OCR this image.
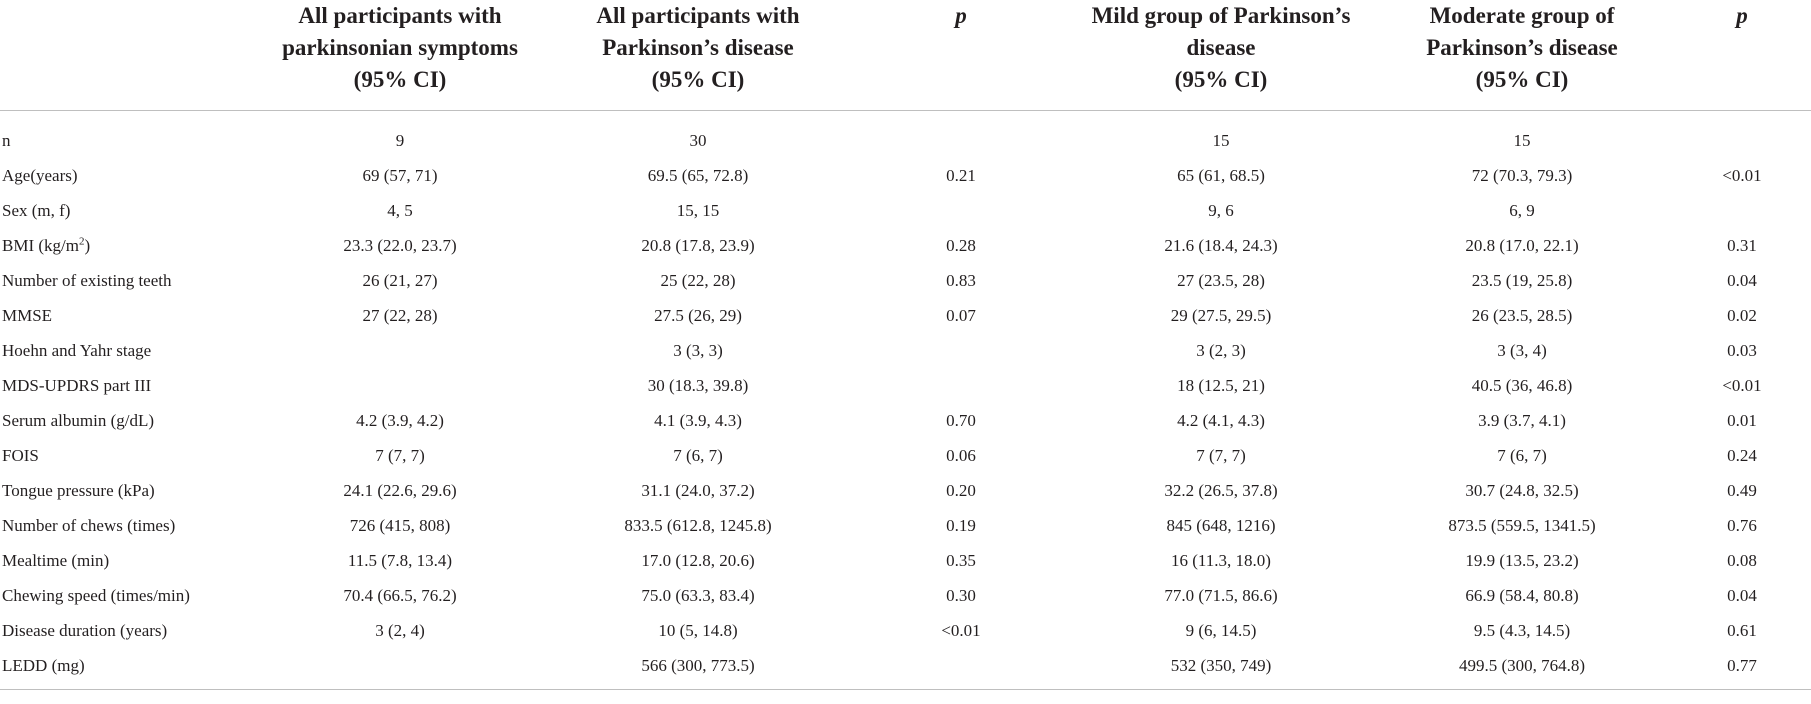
	All participants with
parkinsonian symptoms
(95% CI)	All participants with
Parkinson’s disease
(95% CI)	p	Mild group of Parkinson’s
disease
(95% CI)	Moderate group of
Parkinson’s disease
(95% CI)	p

n	9	30		15	15	
Age(years)	69 (57, 71)	69.5 (65, 72.8)	0.21	65 (61, 68.5)	72 (70.3, 79.3)	<0.01
Sex (m, f)	4, 5	15, 15		9, 6	6, 9	
BMI $(kg/m^2)$	23.3 (22.0, 23.7)	20.8 (17.8, 23.9)	0.28	21.6 (18.4, 24.3)	20.8 (17.0, 22.1)	0.31
Number of existing teeth	26 (21, 27)	25 (22, 28)	0.83	27 (23.5, 28)	23.5 (19, 25.8)	0.04
MMSE	27 (22, 28)	27.5 (26, 29)	0.07	29 (27.5, 29.5)	26 (23.5, 28.5)	0.02
Hoehn and Yahr stage		3 (3, 3)		3 (2, 3)	3 (3, 4)	0.03
MDS-UPDRS part III		30 (18.3, 39.8)		18 (12.5, 21)	40.5 (36, 46.8)	<0.01
Serum albumin (g/dL)	4.2 (3.9, 4.2)	4.1 (3.9, 4.3)	0.70	4.2 (4.1, 4.3)	3.9 (3.7, 4.1)	0.01
FOIS	7 (7, 7)	7 (6, 7)	0.06	7 (7, 7)	7 (6, 7)	0.24
Tongue pressure (kPa)	24.1 (22.6, 29.6)	31.1 (24.0, 37.2)	0.20	32.2 (26.5, 37.8)	30.7 (24.8, 32.5)	0.49
Number of chews (times)	726 (415, 808)	833.5 (612.8, 1245.8)	0.19	845 (648, 1216)	873.5 (559.5, 1341.5)	0.76
Mealtime (min)	11.5 (7.8, 13.4)	17.0 (12.8, 20.6)	0.35	16 (11.3, 18.0)	19.9 (13.5, 23.2)	0.08
Chewing speed (times/min)	70.4 (66.5, 76.2)	75.0 (63.3, 83.4)	0.30	77.0 (71.5, 86.6)	66.9 (58.4, 80.8)	0.04
Disease duration (years)	3 (2, 4)	10 (5, 14.8)	<0.01	9 (6, 14.5)	9.5 (4.3, 14.5)	0.61
LEDD (mg)		566 (300, 773.5)		532 (350, 749)	499.5 (300, 764.8)	0.77
